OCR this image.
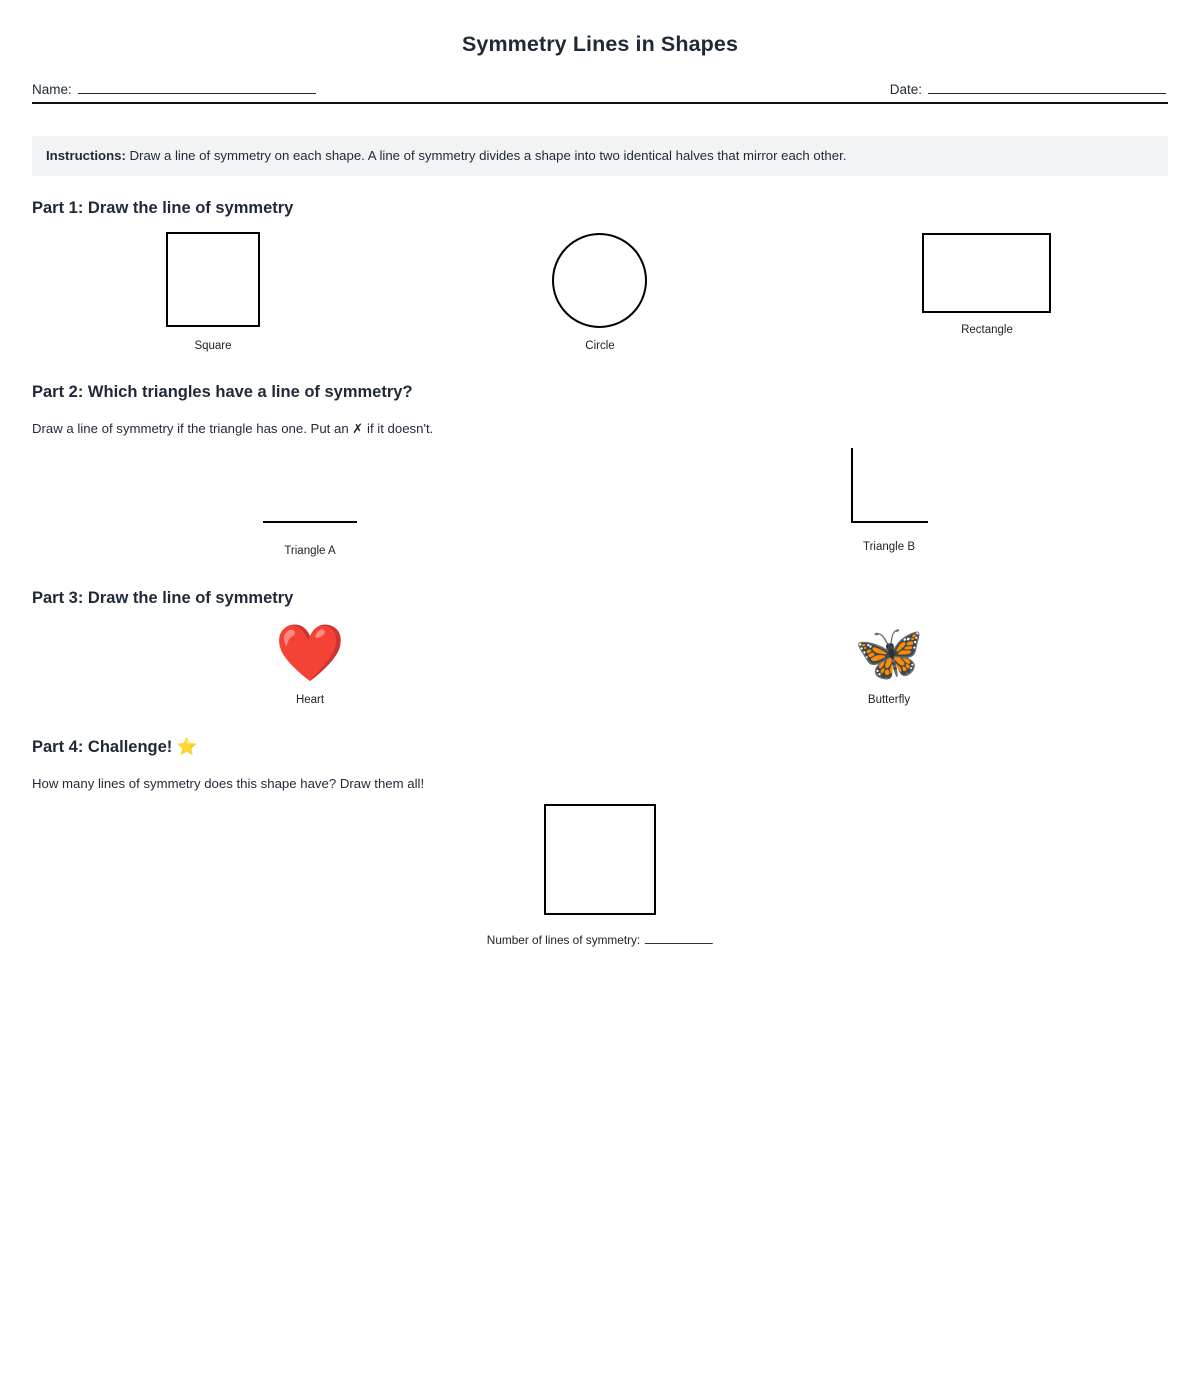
Symmetry Lines in Shapes
Name:	Date:
Instructions: Draw a line of symmetry on each shape. A line of symmetry divides a shape into two identical halves that mirror each other.
Part 1: Draw the line of symmetry
Square	Circle
Rectangle
Part 2: Which triangles have a line of symmetry?
Draw a line of symmetry if the triangle has one. Put an ✗ if it doesn't.
Triangle A	Triangle B
Part 3: Draw the line of symmetry
❤️
Heart
🦋
Butterfly
Part 4: Challenge! ⭐
How many lines of symmetry does this shape have? Draw them all!
Number of lines of symmetry:
